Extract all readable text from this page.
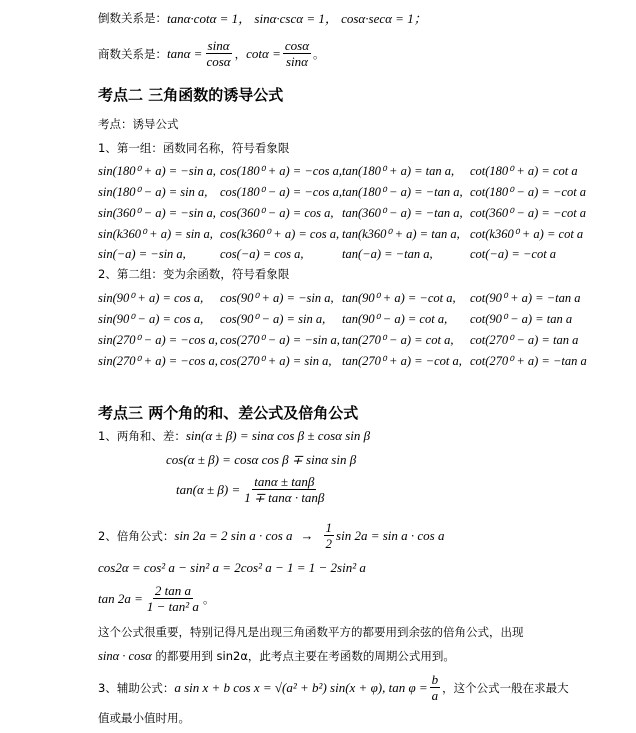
倒数关系是： tanα·cotα = 1， sinα·cscα = 1， cosα·secα = 1；
商数关系是： $\tan\alpha = \frac{\sin\alpha}{\cos\alpha}$ ， $\cot\alpha = \frac{\cos\alpha}{\sin\alpha}$ 。
考点二 三角函数的诱导公式
考点：诱导公式
1、第一组：函数同名称，符号看象限
sin(180⁰ + a) = −sin a, cos(180⁰ + a) = −cos a, tan(180⁰ + a) = tan a, cot(180⁰ + a) = cot a
sin(180⁰ − a) = sin a, cos(180⁰ − a) = −cos a, tan(180⁰ − a) = −tan a, cot(180⁰ − a) = −cot a
sin(360⁰ − a) = −sin a, cos(360⁰ − a) = cos a, tan(360⁰ − a) = −tan a, cot(360⁰ − a) = −cot a
sin(k360⁰ + a) = sin a, cos(k360⁰ + a) = cos a, tan(k360⁰ + a) = tan a, cot(k360⁰ + a) = cot a
sin(−a) = −sin a,	cos(−a) = cos a,	tan(−a) = −tan a,	cot(−a) = −cot a
2、第二组：变为余函数，符号看象限
sin(90⁰ + a) = cos a, cos(90⁰ + a) = −sin a, tan(90⁰ + a) = −cot a, cot(90⁰ + a) = −tan a
sin(90⁰ − a) = cos a, cos(90⁰ − a) = sin a, tan(90⁰ − a) = cot a, cot(90⁰ − a) = tan a
sin(270⁰ − a) = −cos a, cos(270⁰ − a) = −sin a, tan(270⁰ − a) = cot a, cot(270⁰ − a) = tan a
sin(270⁰ + a) = −cos a, cos(270⁰ + a) = sin a, tan(270⁰ + a) = −cot a, cot(270⁰ + a) = −tan a
考点三 两个角的和、差公式及倍角公式
1、两角和、差： sin(α ± β) = sinα cos β ± cosα sin β
cos(α ± β) = cosα cos β ∓ sinα sin β
$\tan(\alpha \pm \beta) = \frac{\tan\alpha \pm \tan\beta}{1 \mp \tan\alpha \cdot \tan\beta}$
2、倍角公式： sin 2a = 2 $\sin a \cdot \cos a \to \frac{1}{2}$ sin 2a = sin a · cos a
cos2α = cos² a − sin² a = 2cos² a − 1 = 1 − 2sin² a
$\tan 2a = \frac{\text{2 tan a}}{\text{1 − tan² a}}$ 。
这个公式很重要，特别记得凡是出现三角函数平方的都要用到余弦的倍角公式，出现
sinα · cosα 的都要用到 sin2α，此考点主要在考函数的周期公式用到。
3、辅助公式： a sin x + b cos x = √(a² + b²) sin(x + φ), $\tan \varphi = \frac{b}{a}$ ，这个公式一般在求最大
值或最小值时用。
